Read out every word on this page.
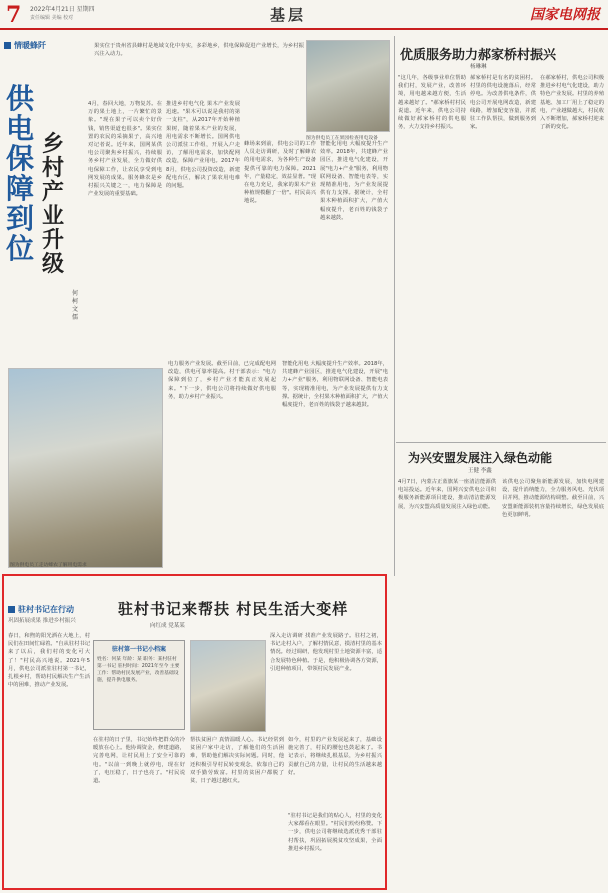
7 2022年4月21日 星期四
责任编辑 美编 校对	基层	国家电网报
情暖蜂阡	果实位于贵州省县蜂村是地域文化中夯实，多彩地乡，供电保障促进产业增长，为乡村振兴注入动力。
图为供电员工在果园检查用电设备
供电保障到位
乡村产业升级
何柯 文儒
4月，春回大地，万物复苏。在万的果土地上，一片繁忙的景象。"现在果子可以卖个好价钱，销售渠道也很多"。果实位置的农民的采摘果子，高兴地对记者说。近年来，国网某供电公司聚焦乡村振兴，持续服务乡村产业发展，全力做好供电保障工作，让农民享受到电网发展的成果。服务蜂农是乡村振兴关键之一，电力保障是产业发展的重要基础。
推进乡村电气化 果木产业发展迅速。"果木可以说是我村的第一支柱"，从2017年开始种植果树，随着果木产业的发展，用电需求不断增长。国网供电公司派驻工作组，开展入户走访，了解用电需求，加快配网改造，保障产业用电。2017年8月，供电公司投资改造，新建配电台区，解决了果农用电难的问题。
蜂场来到前，供电公司的工作人员走访调研，及时了解蜂农的用电需求，为各种生产设备提供可靠的电力保障。2021年，产量稳定，效益显著。"现在电力充足，我家的果木产业种植规模翻了一倍"。村民高兴地说。
智能化用电 大幅度提升生产效率。2018年，共建蜂产业园区，推进电气化建设，开展"电力+产业"服务，利用物联网设备、智能电表等，实现精准用电，为产业发展提供有力支撑。据统计，全村果木种植面积扩大，产值大幅度提升，老百姓的钱袋子越来越鼓。
图为供电员工走访蜂农了解用电需求
电力服务产业发展。截至目前，已完成配电网改造，供电可靠率提高。村干部表示："电力保障到位了，乡村产业才能真正发展起来。"下一步，供电公司将持续做好供电服务，助力乡村产业振兴。
智能化用电 大幅度提升生产效率。2018年，共建蜂产业园区，推进电气化建设，开展"电力+产业"服务，利用物联网设备、智能电表等，实现精准用电，为产业发展提供有力支撑。据统计，全村果木种植面积扩大，产值大幅度提升，老百姓的钱袋子越来越鼓。
优质服务助力郝家桥村振兴
杨琳琳
"这几年，各级事业单位帮助我们村，发展产业，改善环境，用电越来越方便，生活越来越好了。"郝家桥村村民说道。近年来，供电公司持续做好郝家桥村的供电服务，大力支持乡村振兴。
郝家桥村是有名的贫困村。村里的供电设施落后，经常停电。为改善供电条件，供电公司开展电网改造，新建线路，增加配变容量，并派驻工作队帮扶，做到服务到家。
在郝家桥村，供电公司积极推进乡村电气化建设，助力特色产业发展。村里的养殖基地、加工厂用上了稳定的电，产业越做越大，村民收入不断增加，郝家桥村迎来了新的变化。
为兴安盟发展注入绿色动能
王健 李鑫
4月7日，内蒙古正蓝旗某一座清洁能源供电站投运。近年来，国网兴安供电公司积极服务新能源项目建设，推动清洁能源发展，为兴安盟高质量发展注入绿色动能。
该供电公司聚焦新能源发展，加快电网建设，提升消纳能力，全力服务风电、光伏项目并网，推动能源结构调整。截至目前，兴安盟新能源装机容量持续增长，绿色发展底色更加鲜明。
驻村书记在行动
巩固拓展成果 推进乡村振兴
驻村书记来帮扶 村民生活大变样
向红成 党某某
春日，和煦的阳光洒在大地上，村民们在田间忙碌着。"自从驻村书记来了以后，我们村的变化可大了！"村民高兴地说。2021年5月，供电公司派驻驻村第一书记，扎根乡村，帮助村民解决生产生活中的困难，推动产业发展。
驻村第一书记小档案
姓名：何某 年龄：某 职务：某村驻村第一书记 驻村时间：2021年至今 主要工作：帮助村民发展产业，改善基础设施，提升供电服务。
深入走访调研 找准产业发展路子。驻村之初，书记走村入户，了解村情民意，摸清村里的基本情况。经过调研，他发现村里土地资源丰富，适合发展特色种植。于是，他积极协调各方资源，引进种植项目，带领村民发展产业。
在驻村的日子里，书记始终把群众的冷暖放在心上。他协调资金，修建道路，完善电网，让村民用上了安全可靠的电。"以前一到晚上就停电，现在好了，电压稳了，日子也亮了。"村民说道。
帮扶贫困户 真情温暖人心。书记经常到贫困户家中走访，了解他们的生活困难，帮助他们解决实际问题。同时，他还积极引导村民转变观念，依靠自己的双手勤劳致富。村里的贫困户都脱了贫，日子越过越红火。
如今，村里的产业发展起来了，基础设施完善了，村民的腰包也鼓起来了。书记表示，将继续扎根基层，为乡村振兴贡献自己的力量，让村民的生活越来越好。
"驻村书记是我们的贴心人，村里的变化大家都看在眼里。"村民们纷纷称赞。下一步，供电公司将继续选派优秀干部驻村帮扶，巩固拓展脱贫攻坚成果，全面推进乡村振兴。
